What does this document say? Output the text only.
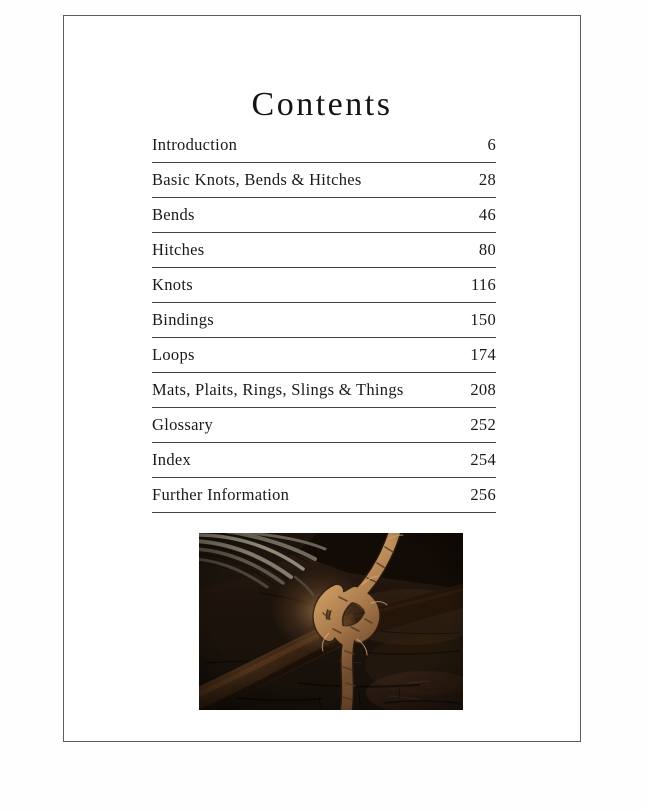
Contents
Introduction	6
Basic Knots, Bends & Hitches	28
Bends	46
Hitches	80
Knots	116
Bindings	150
Loops	174
Mats, Plaits, Rings, Slings & Things	208
Glossary	252
Index	254
Further Information	256
